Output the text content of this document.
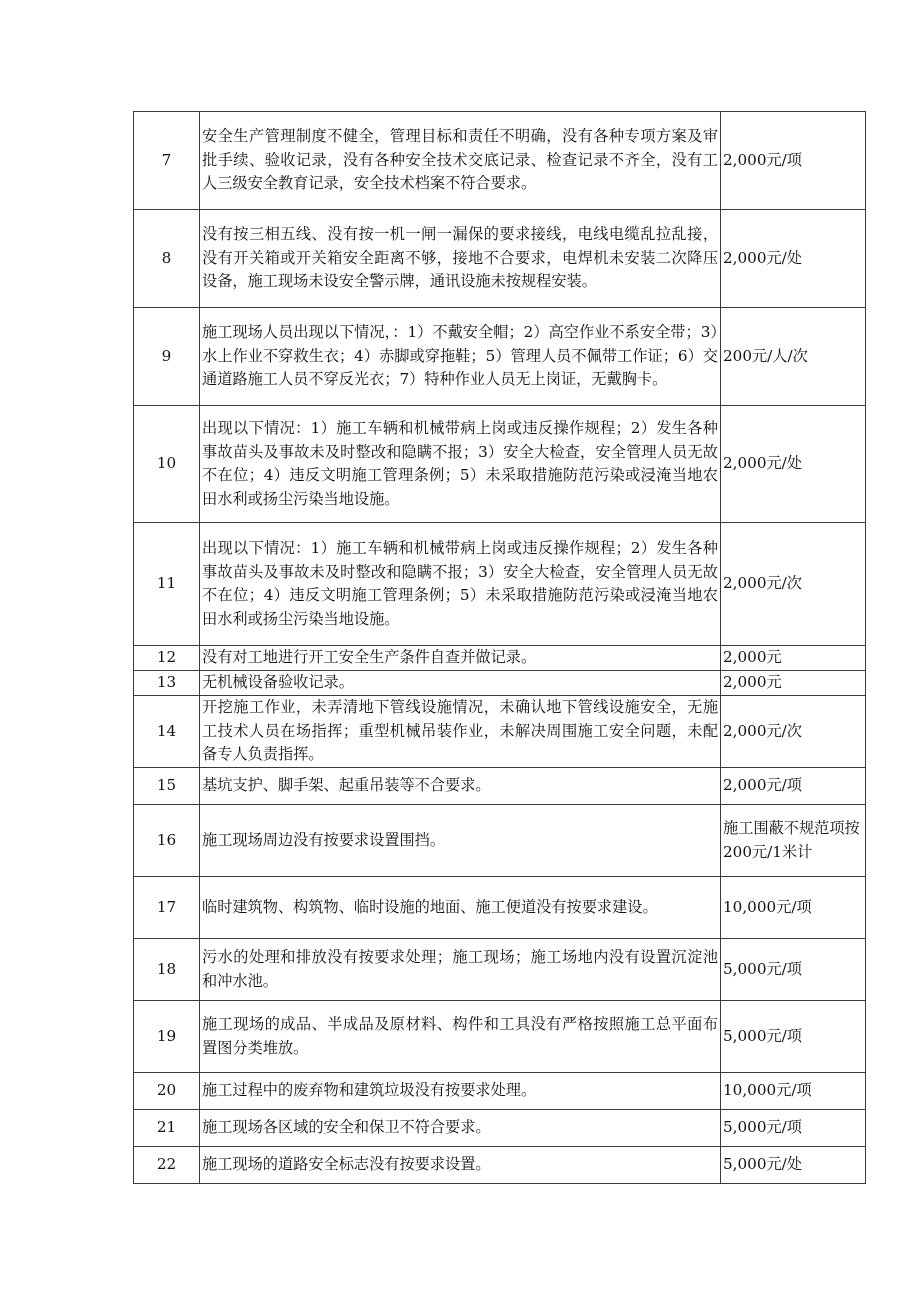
7	安全生产管理制度不健全，管理目标和责任不明确，没有各种专项方案及审批手续、验收记录，没有各种安全技术交底记录、检查记录不齐全，没有工人三级安全教育记录，安全技术档案不符合要求。	2,000元/项
8	没有按三相五线、没有按一机一闸一漏保的要求接线，电线电缆乱拉乱接，没有开关箱或开关箱安全距离不够，接地不合要求，电焊机未安装二次降压设备，施工现场未设安全警示牌，通讯设施未按规程安装。	2,000元/处
9	施工现场人员出现以下情况，：1）不戴安全帽；2）高空作业不系安全带；3）水上作业不穿救生衣；4）赤脚或穿拖鞋；5）管理人员不佩带工作证；6）交通道路施工人员不穿反光衣；7）特种作业人员无上岗证，无戴胸卡。	200元/人/次
10	出现以下情况：1）施工车辆和机械带病上岗或违反操作规程；2）发生各种事故苗头及事故未及时整改和隐瞒不报；3）安全大检查，安全管理人员无故不在位；4）违反文明施工管理条例；5）未采取措施防范污染或浸淹当地农田水利或扬尘污染当地设施。	2,000元/处
11	出现以下情况：1）施工车辆和机械带病上岗或违反操作规程；2）发生各种事故苗头及事故未及时整改和隐瞒不报；3）安全大检查，安全管理人员无故不在位；4）违反文明施工管理条例；5）未采取措施防范污染或浸淹当地农田水利或扬尘污染当地设施。	2,000元/次
12	没有对工地进行开工安全生产条件自查并做记录。	2,000元
13	无机械设备验收记录。	2,000元
14	开挖施工作业，未弄清地下管线设施情况，未确认地下管线设施安全，无施工技术人员在场指挥；重型机械吊装作业，未解决周围施工安全问题，未配备专人负责指挥。	2,000元/次
15	基坑支护、脚手架、起重吊装等不合要求。	2,000元/项
16	施工现场周边没有按要求设置围挡。	施工围蔽不规范项按200元/1米计
17	临时建筑物、构筑物、临时设施的地面、施工便道没有按要求建设。	10,000元/项
18	污水的处理和排放没有按要求处理；施工现场；施工场地内没有设置沉淀池和冲水池。	5,000元/项
19	施工现场的成品、半成品及原材料、构件和工具没有严格按照施工总平面布置图分类堆放。	5,000元/项
20	施工过程中的废弃物和建筑垃圾没有按要求处理。	10,000元/项
21	施工现场各区域的安全和保卫不符合要求。	5,000元/项
22	施工现场的道路安全标志没有按要求设置。	5,000元/处
